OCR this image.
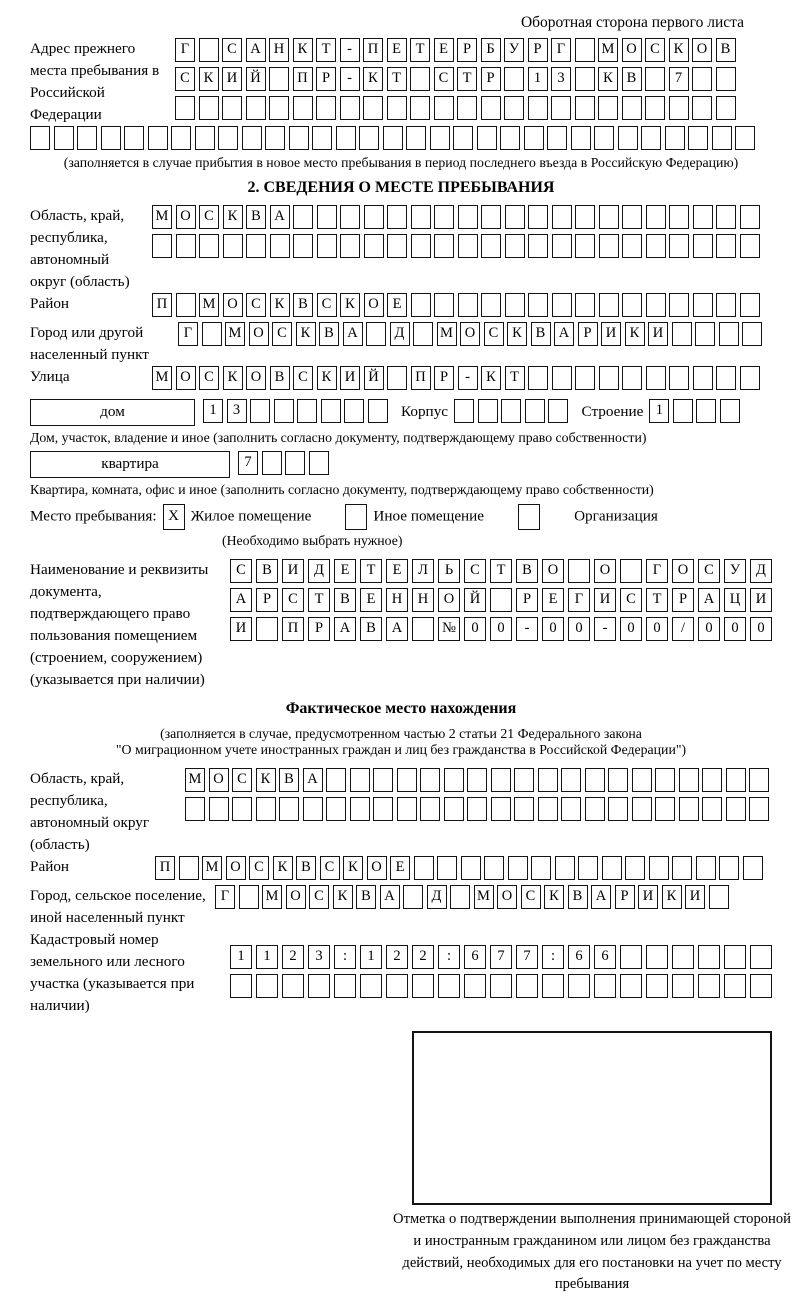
Оборотная сторона первого листа
Адрес прежнего места пребывания в Российской Федерации
Г	С А Н К Т - П Е Т Е Р Б У Р Г	М О С К О В
С К И Й	П Р - К Т	С Т Р	1 3	К В	7
(заполняется в случае прибытия в новое место пребывания в период последнего въезда в Российскую Федерацию)
2. СВЕДЕНИЯ О МЕСТЕ ПРЕБЫВАНИЯ
Область, край, республика, автономный округ (область)
М О С К В А
Район	П М О С К В С К О Е
Город или другой населенный пункт
Г	М О С К В А	Д М О С К В А Р И К И
Улица	М О С К О В С К И Й	П Р - К Т
дом	1 3	Корпус	Строение 1
Дом, участок, владение и иное (заполнить согласно документу, подтверждающему право собственности)
квартира	7
Квартира, комната, офис и иное (заполнить согласно документу, подтверждающему право собственности)
Место пребывания: X Жилое помещение	Иное помещение	Организация
(Необходимо выбрать нужное)
Наименование и реквизиты документа, подтверждающего право пользования помещением (строением, сооружением) (указывается при наличии)
С В И Д Е Т Е Л Ь С Т В О	О	Г О С У Д
А Р С Т В Е Н Н О Й	Р Е Г И С Т Р А Ц И
И	П Р А В А	№ 0 0 - 0 0 - 0 0 / 0 0 0
Фактическое место нахождения
(заполняется в случае, предусмотренном частью 2 статьи 21 Федерального закона
"О миграционном учете иностранных граждан и лиц без гражданства в Российской Федерации")
Область, край, республика, автономный округ (область)
М О С К В А
Район	П М О С К В С К О Е
Город, сельское поселение, иной населенный пункт
Г	М О С К В А	Д М О С К В А Р И К И
Кадастровый номер земельного или лесного участка (указывается при наличии)
1 1 2 3 : 1 2 2 : 6 7 7 : 6 6
Отметка о подтверждении выполнения принимающей стороной и иностранным гражданином или лицом без гражданства действий, необходимых для его постановки на учет по месту пребывания
